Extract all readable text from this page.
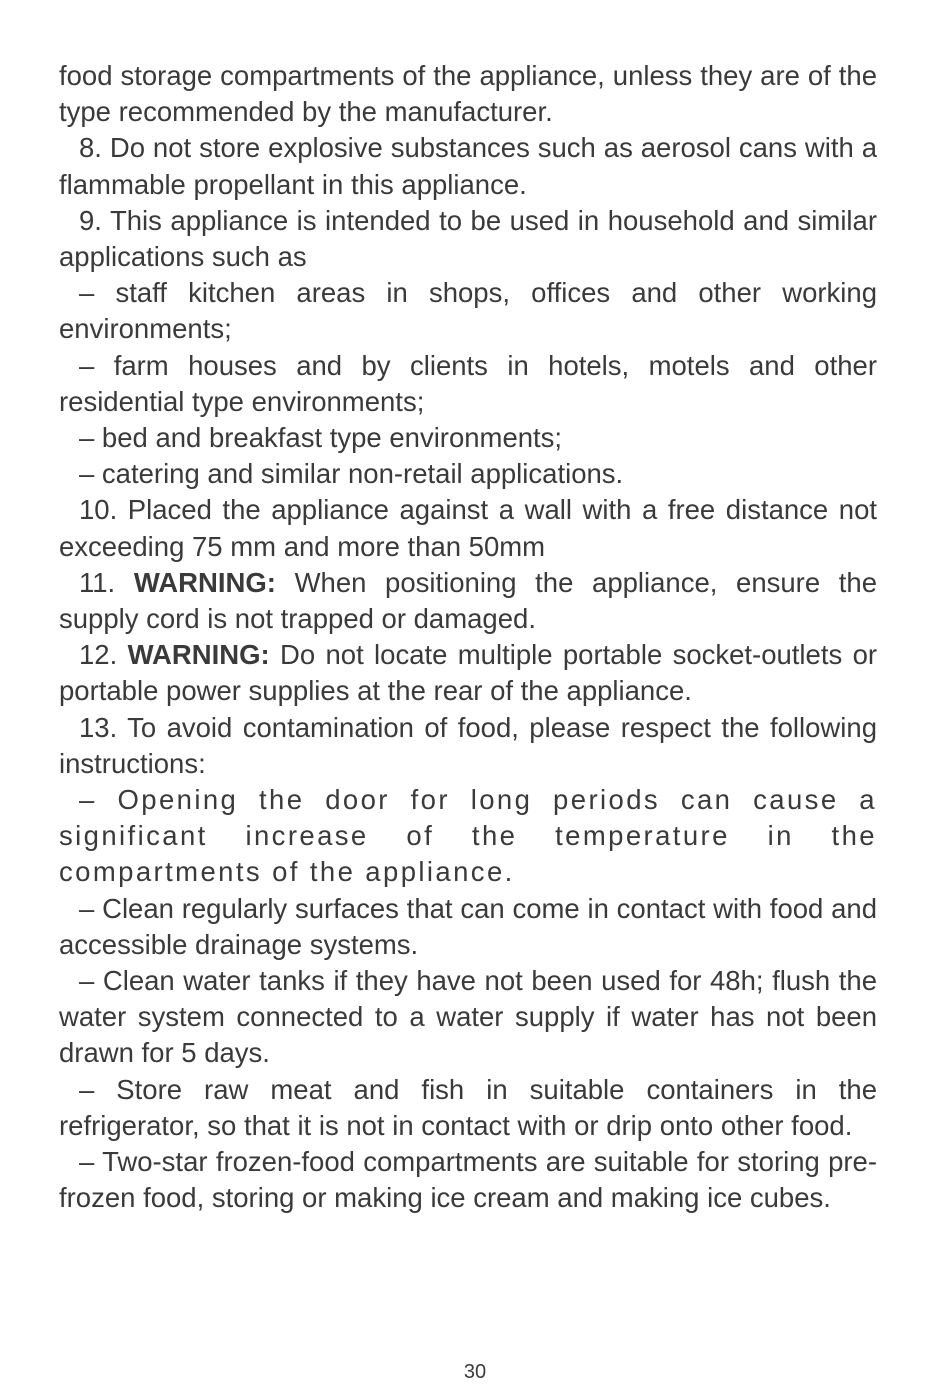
food storage compartments of the appliance, unless they are of the type recommended by the manufacturer.

8. Do not store explosive substances such as aerosol cans with a flammable propellant in this appliance.

9. This appliance is intended to be used in household and similar applications such as

– staff kitchen areas in shops, offices and other working environments;

– farm houses and by clients in hotels, motels and other residential type environments;

– bed and breakfast type environments;

– catering and similar non-retail applications.

10. Placed the appliance against a wall with a free distance not exceeding 75 mm and more than 50mm

11. WARNING: When positioning the appliance, ensure the supply cord is not trapped or damaged.

12. WARNING: Do not locate multiple portable socket-outlets or portable power supplies at the rear of the appliance.

13. To avoid contamination of food, please respect the following instructions:

– Opening the door for long periods can cause a significant increase of the temperature in the compartments of the appliance.

– Clean regularly surfaces that can come in contact with food and accessible drainage systems.

– Clean water tanks if they have not been used for 48h; flush the water system connected to a water supply if water has not been drawn for 5 days.

– Store raw meat and fish in suitable containers in the refrigerator, so that it is not in contact with or drip onto other food.

– Two-star frozen-food compartments are suitable for storing pre-frozen food, storing or making ice cream and making ice cubes.

30
